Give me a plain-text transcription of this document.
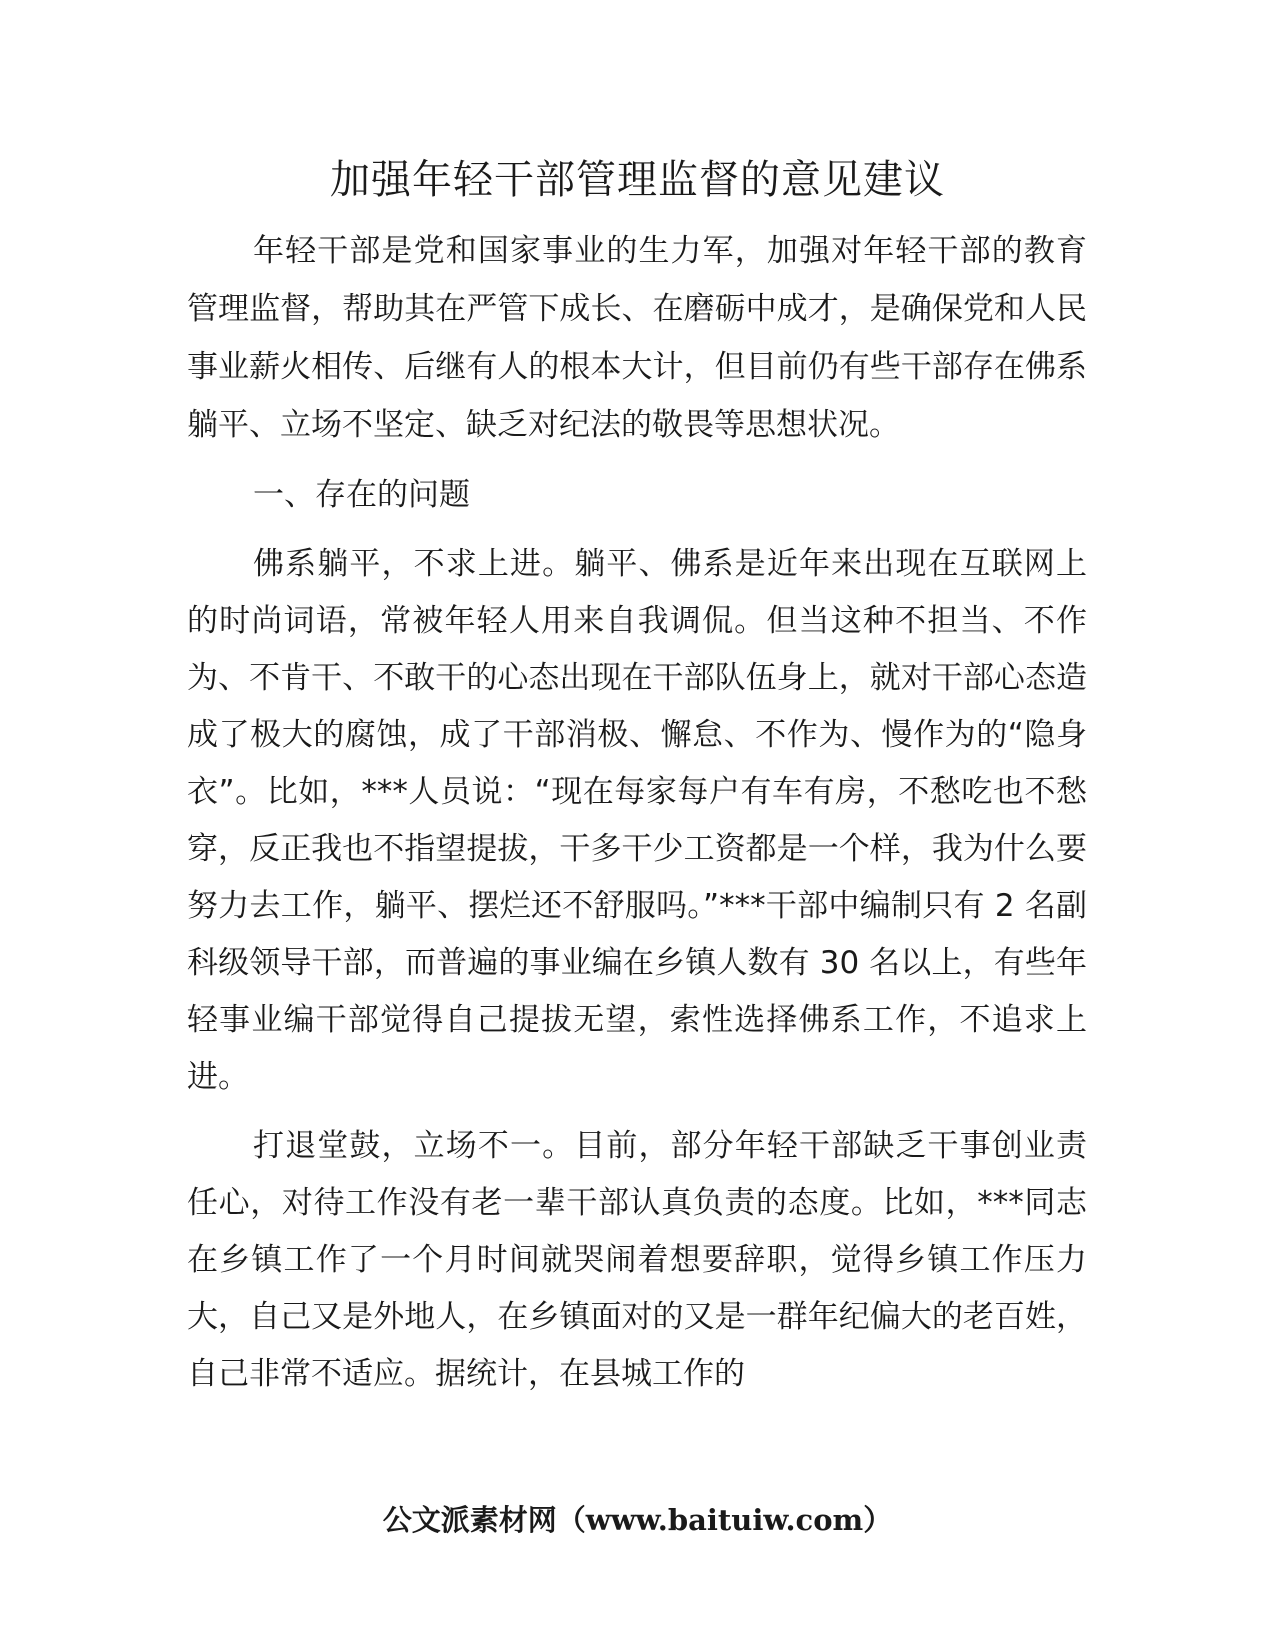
加强年轻干部管理监督的意见建议

年轻干部是党和国家事业的生力军，加强对年轻干部的教育管理监督，帮助其在严管下成长、在磨砺中成才，是确保党和人民事业薪火相传、后继有人的根本大计，但目前仍有些干部存在佛系躺平、立场不坚定、缺乏对纪法的敬畏等思想状况。

一、存在的问题

佛系躺平，不求上进。躺平、佛系是近年来出现在互联网上的时尚词语，常被年轻人用来自我调侃。但当这种不担当、不作为、不肯干、不敢干的心态出现在干部队伍身上，就对干部心态造成了极大的腐蚀，成了干部消极、懈怠、不作为、慢作为的“隐身衣”。比如，***人员说：“现在每家每户有车有房，不愁吃也不愁穿，反正我也不指望提拔，干多干少工资都是一个样，我为什么要努力去工作，躺平、摆烂还不舒服吗。”***干部中编制只有 2 名副科级领导干部，而普遍的事业编在乡镇人数有 30 名以上，有些年轻事业编干部觉得自己提拔无望，索性选择佛系工作，不追求上进。

打退堂鼓，立场不一。目前，部分年轻干部缺乏干事创业责任心，对待工作没有老一辈干部认真负责的态度。比如，***同志在乡镇工作了一个月时间就哭闹着想要辞职，觉得乡镇工作压力大，自己又是外地人，在乡镇面对的又是一群年纪偏大的老百姓，自己非常不适应。据统计，在县城工作的

公文派素材网（www.baituiw.com）
